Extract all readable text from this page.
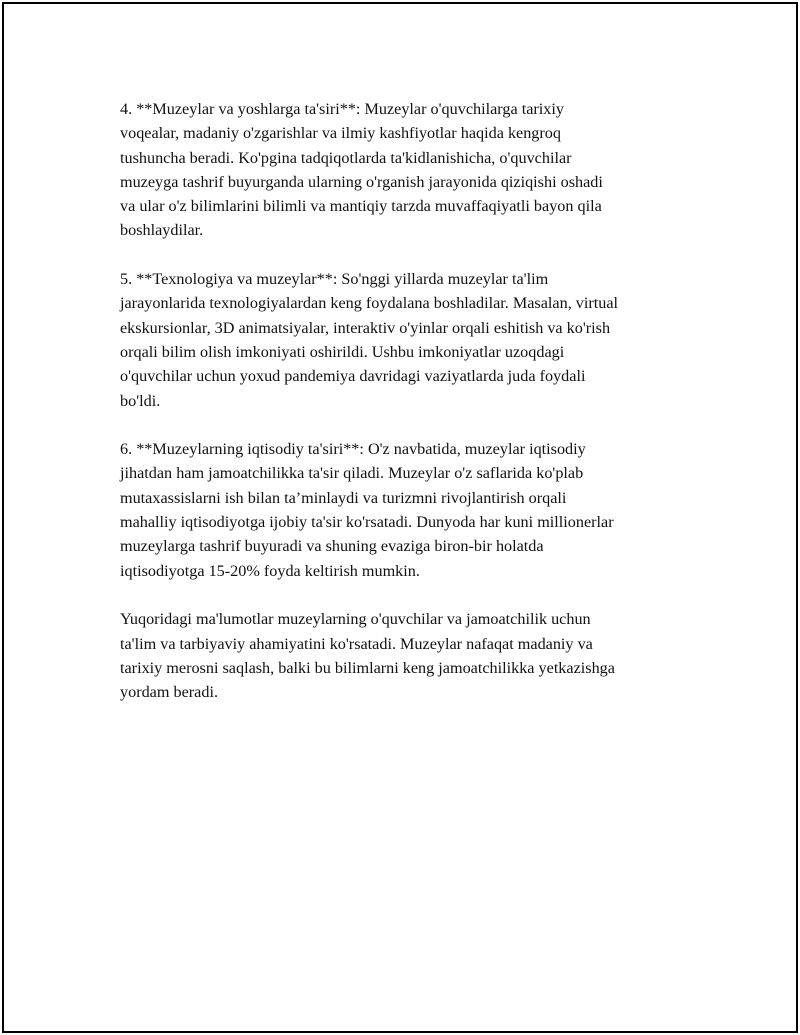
4. **Muzeylar va yoshlarga ta'siri**: Muzeylar o'quvchilarga tarixiy
voqealar, madaniy o'zgarishlar va ilmiy kashfiyotlar haqida kengroq
tushuncha beradi. Ko'pgina tadqiqotlarda ta'kidlanishicha, o'quvchilar
muzeyga tashrif buyurganda ularning o'rganish jarayonida qiziqishi oshadi
va ular o'z bilimlarini bilimli va mantiqiy tarzda muvaffaqiyatli bayon qila
boshlaydilar.

5. **Texnologiya va muzeylar**: So'nggi yillarda muzeylar ta'lim
jarayonlarida texnologiyalardan keng foydalana boshladilar. Masalan, virtual
ekskursionlar, 3D animatsiyalar, interaktiv o'yinlar orqali eshitish va ko'rish
orqali bilim olish imkoniyati oshirildi. Ushbu imkoniyatlar uzoqdagi
o'quvchilar uchun yoxud pandemiya davridagi vaziyatlarda juda foydali
bo'ldi.

6. **Muzeylarning iqtisodiy ta'siri**: O'z navbatida, muzeylar iqtisodiy
jihatdan ham jamoatchilikka ta'sir qiladi. Muzeylar o'z saflarida ko'plab
mutaxassislarni ish bilan ta’minlaydi va turizmni rivojlantirish orqali
mahalliy iqtisodiyotga ijobiy ta'sir ko'rsatadi. Dunyoda har kuni millionerlar
muzeylarga tashrif buyuradi va shuning evaziga biron-bir holatda
iqtisodiyotga 15-20% foyda keltirish mumkin.

Yuqoridagi ma'lumotlar muzeylarning o'quvchilar va jamoatchilik uchun
ta'lim va tarbiyaviy ahamiyatini ko'rsatadi. Muzeylar nafaqat madaniy va
tarixiy merosni saqlash, balki bu bilimlarni keng jamoatchilikka yetkazishga
yordam beradi.
